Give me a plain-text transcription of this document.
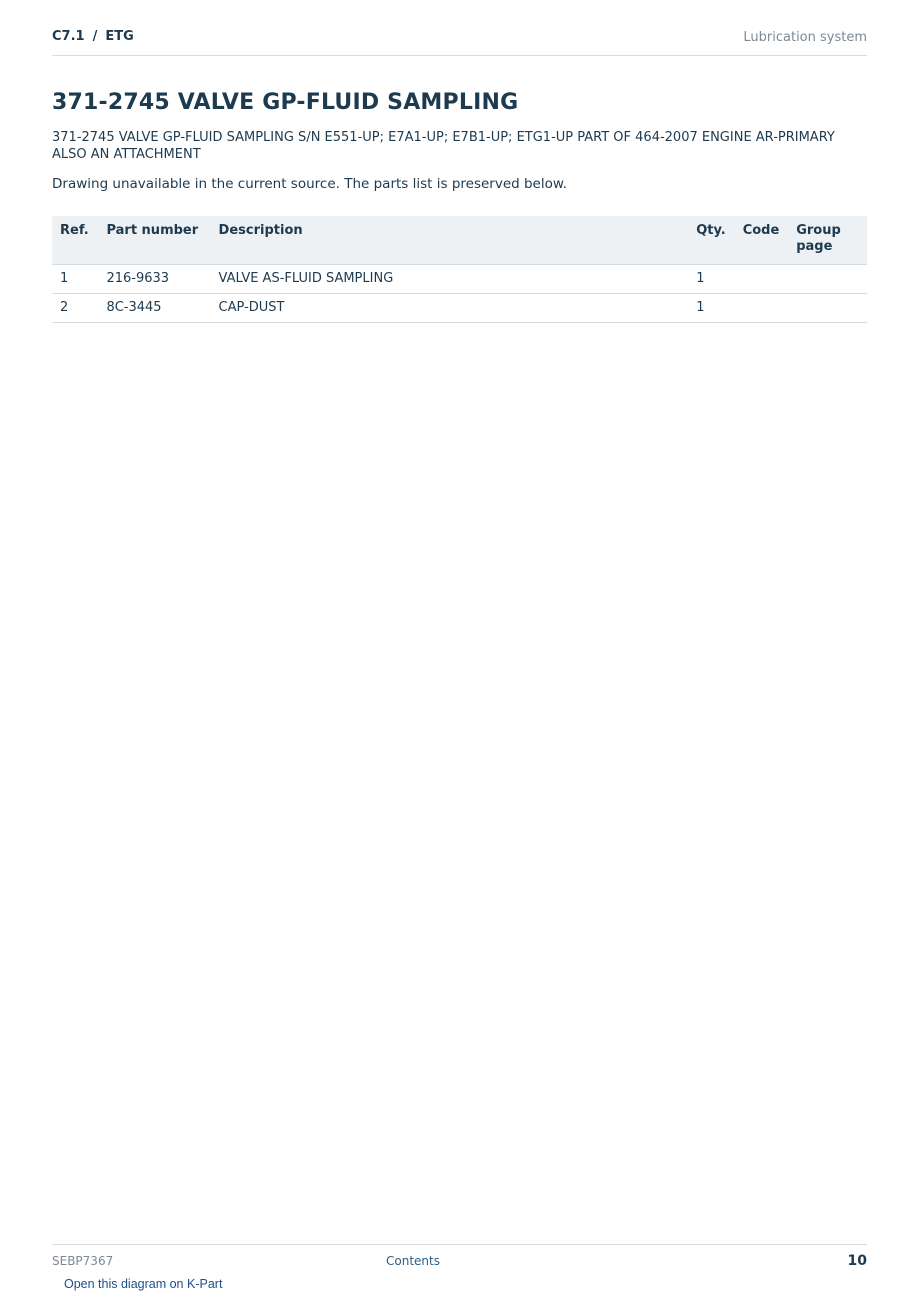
C7.1 / ETG	Lubrication system
371-2745 VALVE GP-FLUID SAMPLING
371-2745 VALVE GP-FLUID SAMPLING S/N E551-UP; E7A1-UP; E7B1-UP; ETG1-UP PART OF 464-2007 ENGINE AR-PRIMARY ALSO AN ATTACHMENT
Drawing unavailable in the current source. The parts list is preserved below.
Ref.	Part number	Description	Qty.	Code	Group page
1	216-9633	VALVE AS-FLUID SAMPLING	1		
2	8C-3445	CAP-DUST	1		
SEBP7367	Contents	10
Open this diagram on K-Part
